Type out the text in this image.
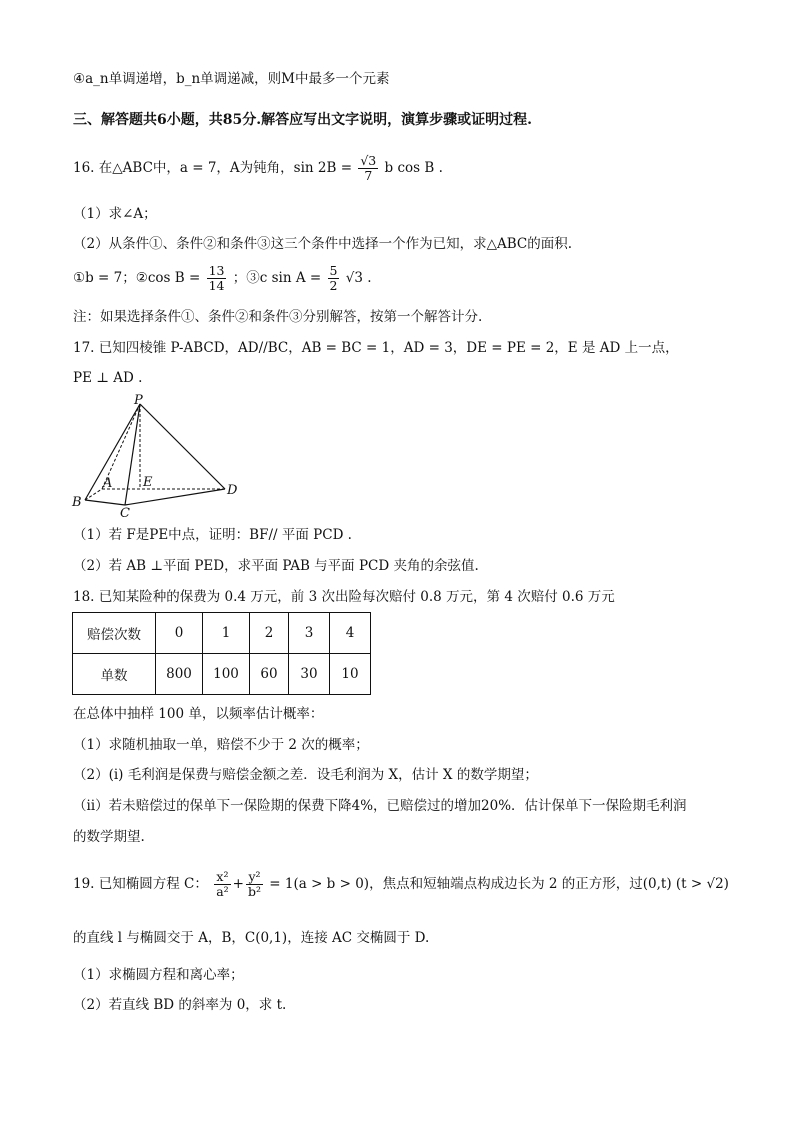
④a_n单调递增，b_n单调递减，则M中最多一个元素
三、解答题共6小题，共85分.解答应写出文字说明，演算步骤或证明过程.
16. 在△ABC中，a = 7，A为钝角，$\sin 2B = \frac{√3}{7}$ b cos B .
（1）求∠A；
（2）从条件①、条件②和条件③这三个条件中选择一个作为已知，求△ABC的面积.
①b = 7；②cos $B = \frac{13}{14}$ ；③c $\sin A = \frac{5}{2} √3$ .
注：如果选择条件①、条件②和条件③分别解答，按第一个解答计分.
17. 已知四棱锥 P-ABCD，AD//BC，AB = BC = 1，AD = 3，DE = PE = 2，E 是 AD 上一点，
PE ⊥ AD .
P
A E
B
C
D
（1）若 F是PE中点，证明：BF// 平面 PCD .
（2）若 AB ⊥平面 PED，求平面 PAB 与平面 PCD 夹角的余弦值.
18. 已知某险种的保费为 0.4 万元，前 3 次出险每次赔付 0.8 万元，第 4 次赔付 0.6 万元
赔偿次数	0	1	2	3	4
单数	800	100	60	30	10
在总体中抽样 100 单，以频率估计概率：
（1）求随机抽取一单，赔偿不少于 2 次的概率；
（2）(ⅰ) 毛利润是保费与赔偿金额之差．设毛利润为 X，估计 X 的数学期望；
（ⅱ）若未赔偿过的保单下一保险期的保费下降4%，已赔偿过的增加20%．估计保单下一保险期毛利润
的数学期望.
19. 已知椭圆方程 C： $\frac{\text{x²}}{\text{a²}} + \frac{\text{y²}}{\text{b²}} = 1(a > b > 0)$，焦点和短轴端点构成边长为 2 的正方形，过(0,t) (t > √2)
的直线 l 与椭圆交于 A，B，C(0,1)，连接 AC 交椭圆于 D.
（1）求椭圆方程和离心率；
（2）若直线 BD 的斜率为 0，求 t.
